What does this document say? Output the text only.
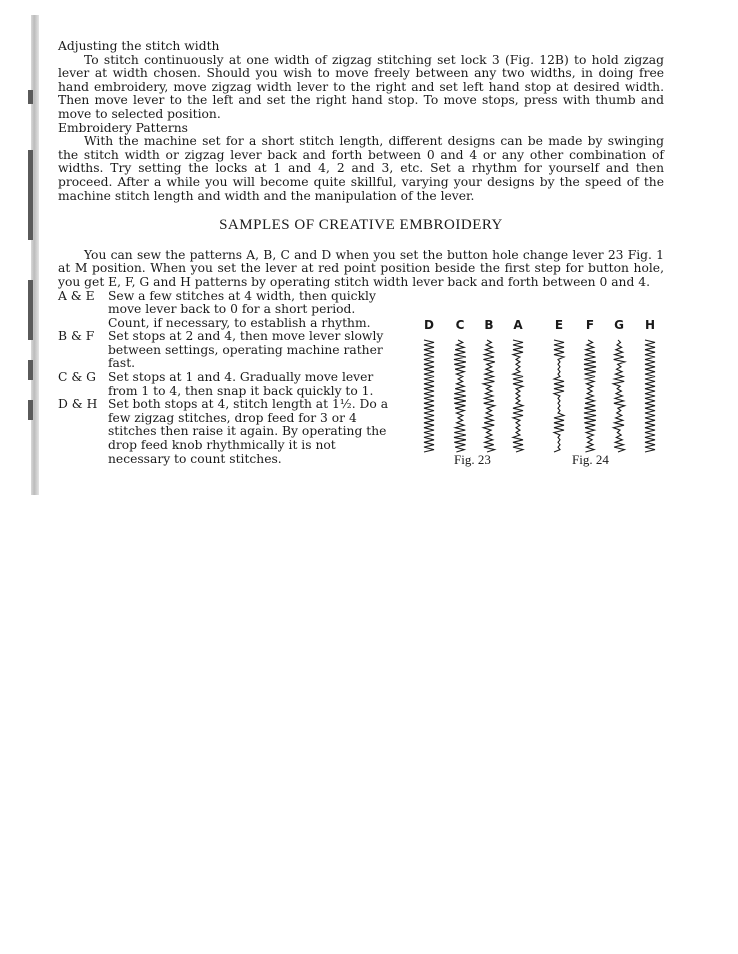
Adjusting the stitch width

To stitch continuously at one width of zigzag stitching set lock 3 (Fig. 12B) to hold zigzag lever at width chosen. Should you wish to move freely between any two widths, in doing free hand embroidery, move zigzag width lever to the right and set left hand stop at desired width. Then move lever to the left and set the right hand stop. To move stops, press with thumb and move to selected position.

Embroidery Patterns

With the machine set for a short stitch length, different designs can be made by swinging the stitch width or zigzag lever back and forth between 0 and 4 or any other combination of widths. Try setting the locks at 1 and 4, 2 and 3, etc. Set a rhythm for yourself and then proceed. After a while you will become quite skillful, varying your designs by the speed of the machine stitch length and width and the manipulation of the lever.

SAMPLES OF CREATIVE EMBROIDERY

You can sew the patterns A, B, C and D when you set the button hole change lever 23 Fig. 1 at M position. When you set the lever at red point position beside the first step for button hole, you get E, F, G and H patterns by operating stitch width lever back and forth between 0 and 4.

A & E	Sew a few stitches at 4 width, then quickly move lever back to 0 for a short period. Count, if necessary, to establish a rhythm.
B & F	Set stops at 2 and 4, then move lever slowly between settings, operating machine rather fast.
C & G Set stops at 1 and 4. Gradually move lever from 1 to 4, then snap it back quickly to 1.
D & H Set both stops at 4, stitch length at 1½. Do a few zigzag stitches, drop feed for 3 or 4 stitches then raise it again. By operating the drop feed knob rhythmically it is not necessary to count stitches.
D C B A	E F G H
Fig. 23	Fig. 24
